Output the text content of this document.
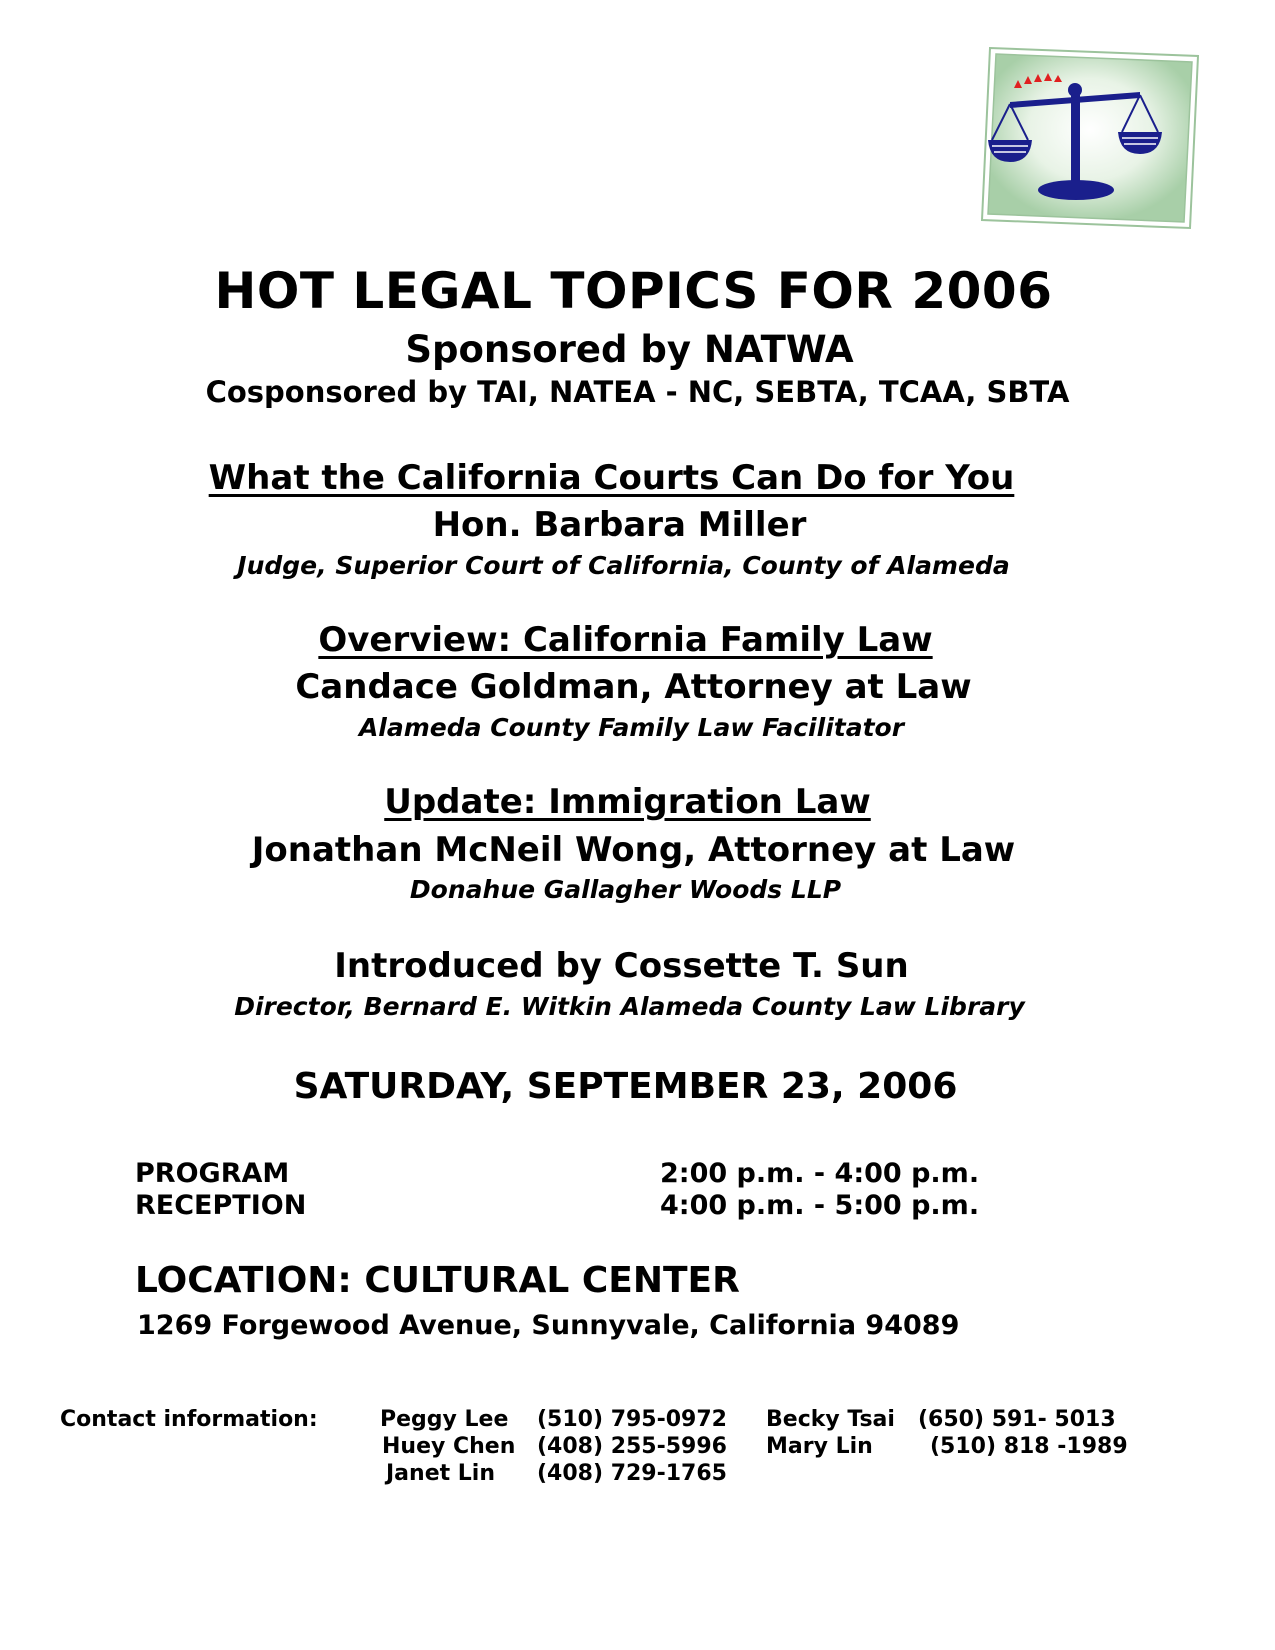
HOT LEGAL TOPICS FOR 2006
Sponsored by NATWA
Cosponsored by TAI, NATEA - NC, SEBTA, TCAA, SBTA
What the California Courts Can Do for You
Hon. Barbara Miller
Judge, Superior Court of California, County of Alameda
Overview: California Family Law
Candace Goldman, Attorney at Law
Alameda County Family Law Facilitator
Update: Immigration Law
Jonathan McNeil Wong, Attorney at Law
Donahue Gallagher Woods LLP
Introduced by Cossette T. Sun
Director, Bernard E. Witkin Alameda County Law Library
SATURDAY, SEPTEMBER 23, 2006
PROGRAM	2:00 p.m. - 4:00 p.m.
RECEPTION	4:00 p.m. - 5:00 p.m.
LOCATION: CULTURAL CENTER
1269 Forgewood Avenue, Sunnyvale, California 94089
Contact information:	Peggy Lee (510) 795-0972 Becky Tsai (650) 591- 5013
Huey Chen (408) 255-5996 Mary Lin	(510) 818 -1989
Janet Lin (408) 729-1765
